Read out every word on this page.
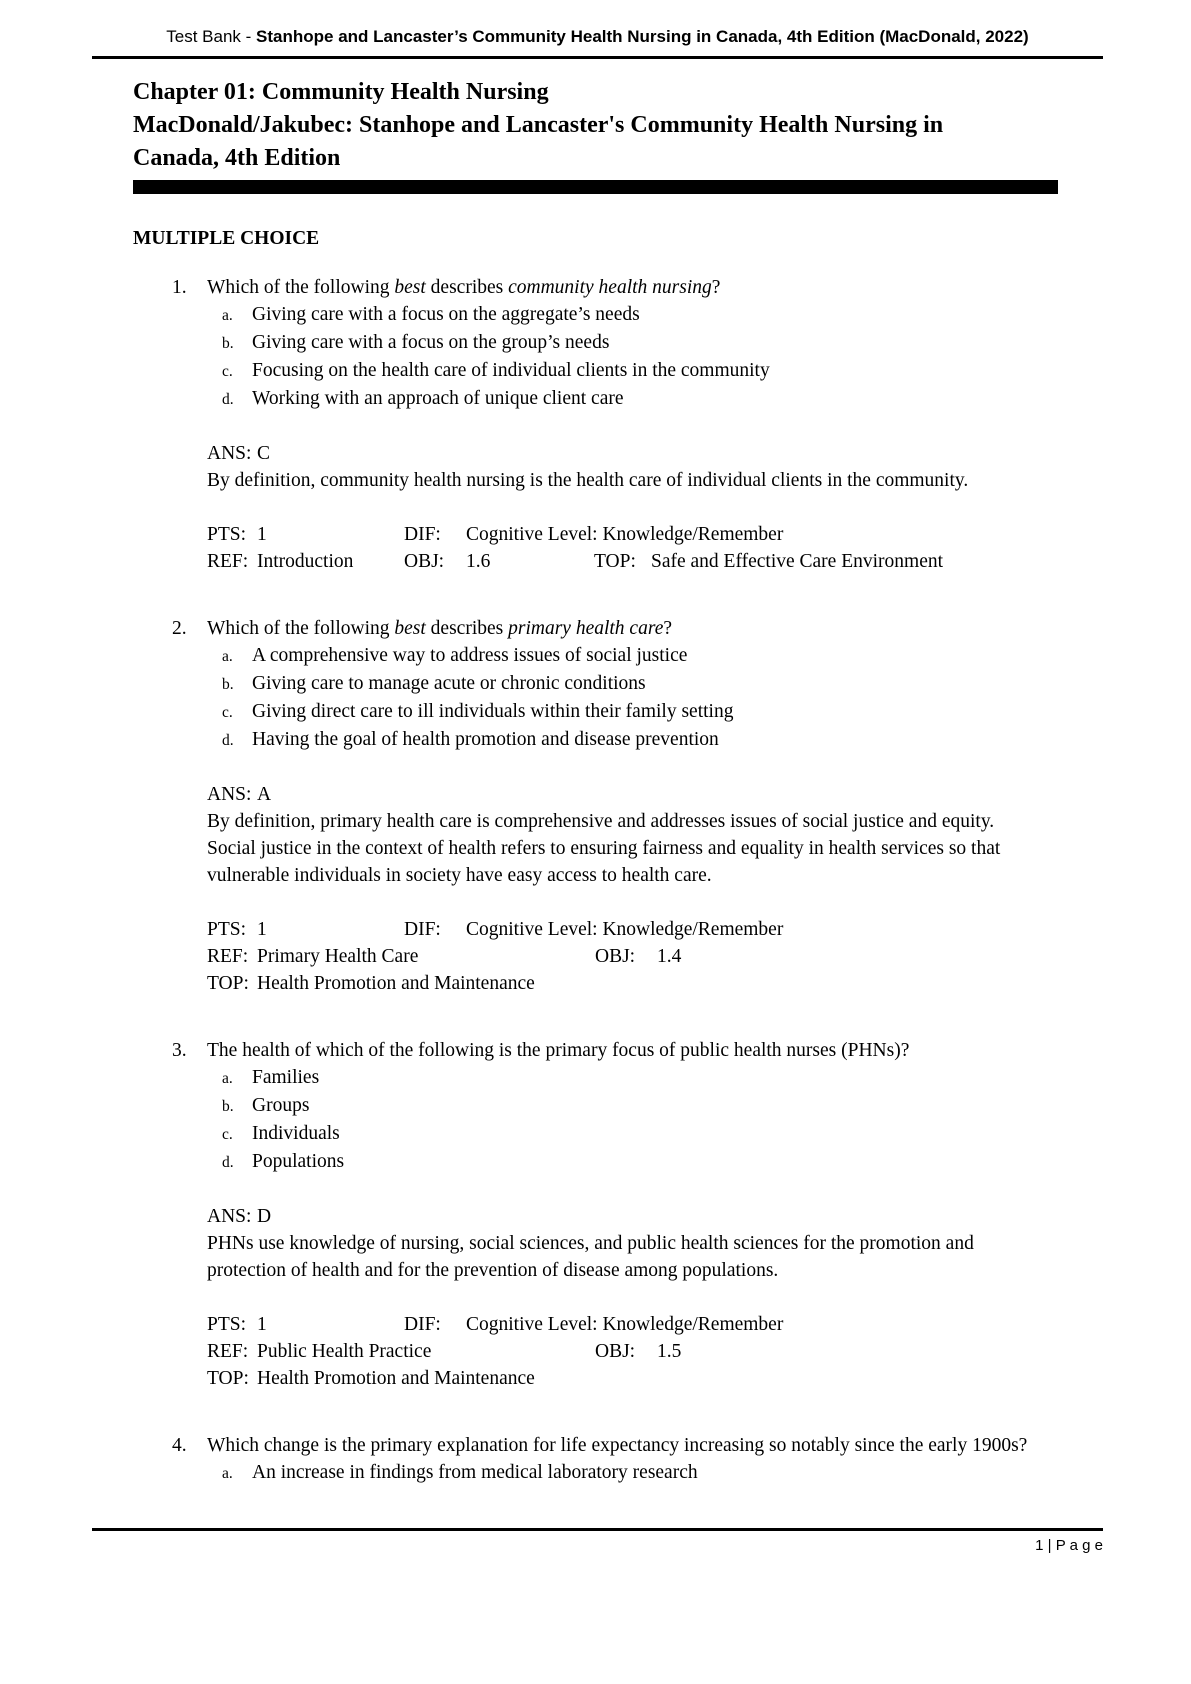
Test Bank - Stanhope and Lancaster’s Community Health Nursing in Canada, 4th Edition (MacDonald, 2022)
Chapter 01: Community Health Nursing
MacDonald/Jakubec: Stanhope and Lancaster's Community Health Nursing in Canada, 4th Edition
MULTIPLE CHOICE
1.	Which of the following best describes community health nursing?
a. Giving care with a focus on the aggregate’s needs
b. Giving care with a focus on the group’s needs
c. Focusing on the health care of individual clients in the community
d. Working with an approach of unique client care
ANS: C
By definition, community health nursing is the health care of individual clients in the community.
PTS: 1	DIF: Cognitive Level: Knowledge/Remember
REF: Introduction	OBJ: 1.6	TOP: Safe and Effective Care Environment
2.	Which of the following best describes primary health care?
a. A comprehensive way to address issues of social justice
b. Giving care to manage acute or chronic conditions
c. Giving direct care to ill individuals within their family setting
d. Having the goal of health promotion and disease prevention
ANS: A
By definition, primary health care is comprehensive and addresses issues of social justice and equity. Social justice in the context of health refers to ensuring fairness and equality in health services so that vulnerable individuals in society have easy access to health care.
PTS: 1	DIF: Cognitive Level: Knowledge/Remember
REF: Primary Health Care	OBJ: 1.4
TOP: Health Promotion and Maintenance
3.	The health of which of the following is the primary focus of public health nurses (PHNs)?
a. Families
b. Groups
c. Individuals
d. Populations
ANS: D
PHNs use knowledge of nursing, social sciences, and public health sciences for the promotion and protection of health and for the prevention of disease among populations.
PTS: 1	DIF: Cognitive Level: Knowledge/Remember
REF: Public Health Practice	OBJ: 1.5
TOP: Health Promotion and Maintenance
4.	Which change is the primary explanation for life expectancy increasing so notably since the early 1900s?
a. An increase in findings from medical laboratory research
1 | P a g e
